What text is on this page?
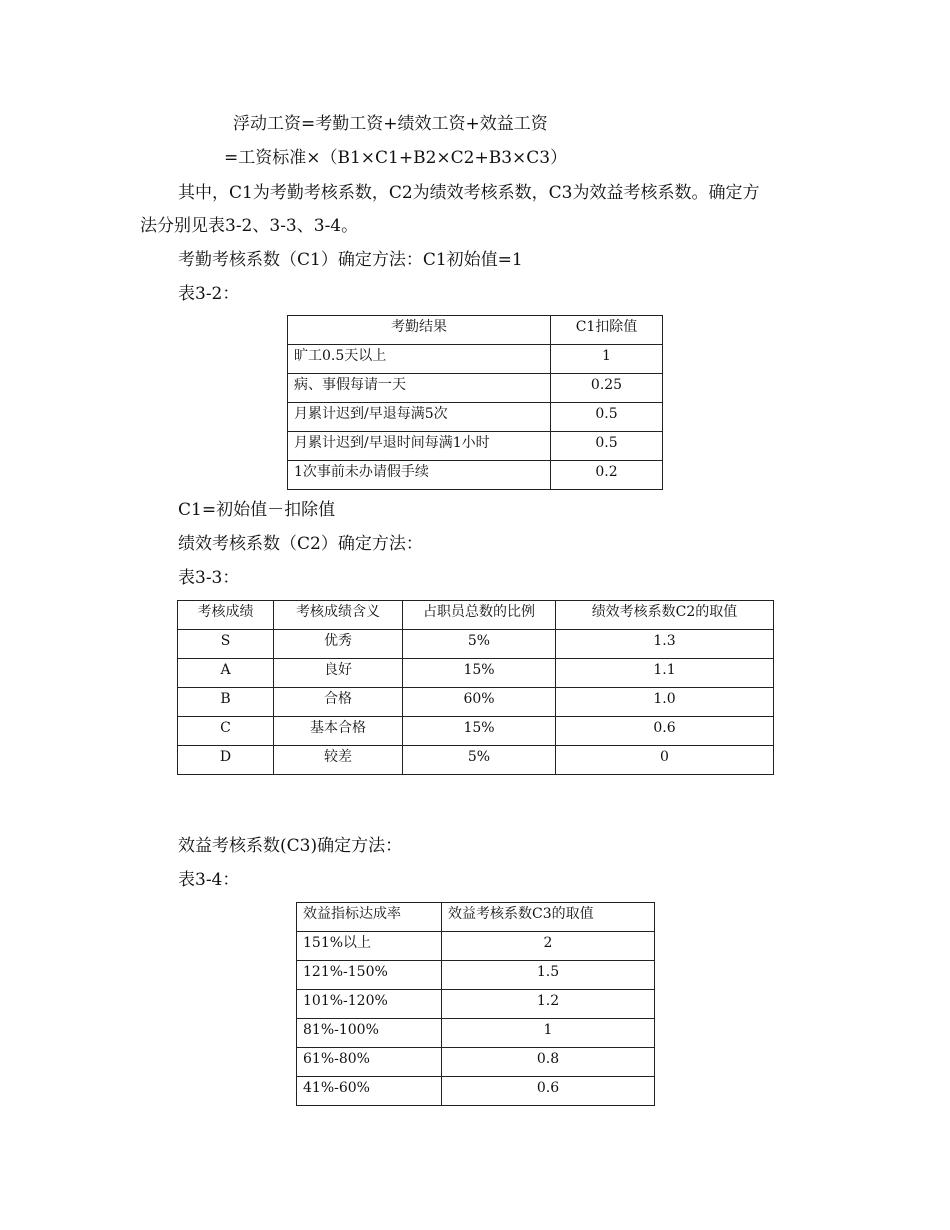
浮动工资=考勤工资+绩效工资+效益工资
=工资标准×（B1×C1+B2×C2+B3×C3）
其中，C1为考勤考核系数，C2为绩效考核系数，C3为效益考核系数。确定方
法分别见表3-2、3-3、3-4。
考勤考核系数（C1）确定方法：C1初始值=1
表3-2：
考勤结果	C1扣除值
旷工0.5天以上	1
病、事假每请一天	0.25
月累计迟到/早退每满5次	0.5
月累计迟到/早退时间每满1小时	0.5
1次事前未办请假手续	0.2
C1=初始值－扣除值
绩效考核系数（C2）确定方法：
表3-3：
考核成绩	考核成绩含义	占职员总数的比例	绩效考核系数C2的取值
S	优秀	5%	1.3
A	良好	15%	1.1
B	合格	60%	1.0
C	基本合格	15%	0.6
D	较差	5%	0
效益考核系数(C3)确定方法：
表3-4：
效益指标达成率	效益考核系数C3的取值
151%以上	2
121%-150%	1.5
101%-120%	1.2
81%-100%	1
61%-80%	0.8
41%-60%	0.6
